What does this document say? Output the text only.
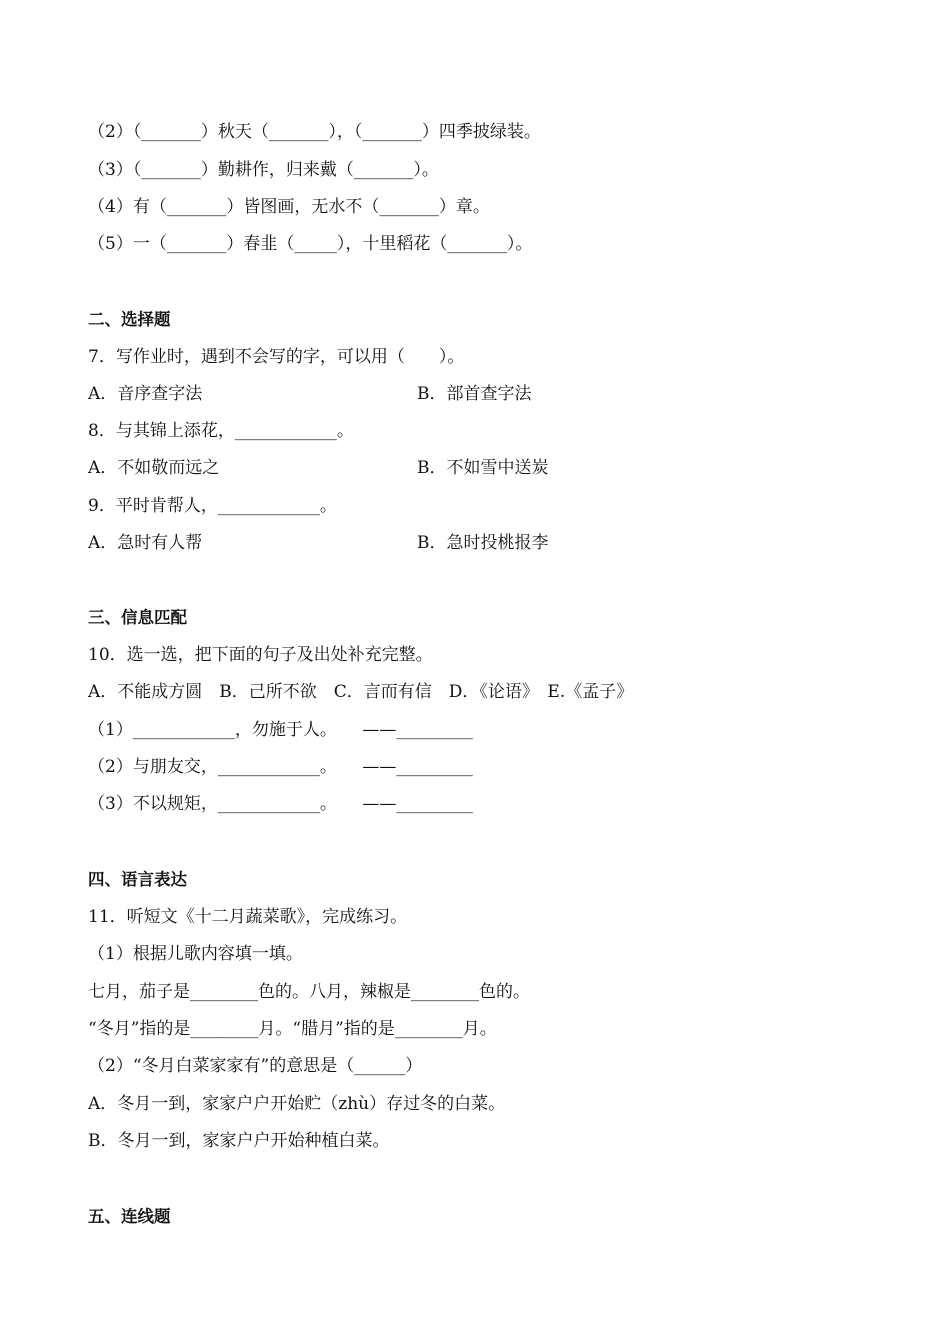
（2）（_______）秋天（_______），（_______）四季披绿装。
（3）（_______）勤耕作，归来戴（_______）。
（4）有（_______）皆图画，无水不（_______）章。
（5）一（_______）春韭（_____），十里稻花（_______）。
二、选择题
7．写作业时，遇到不会写的字，可以用（　　）。
A．音序查字法	B．部首查字法
8．与其锦上添花，____________。
A．不如敬而远之	B．不如雪中送炭
9．平时肯帮人，____________。
A．急时有人帮	B．急时投桃报李
三、信息匹配
10．选一选，把下面的句子及出处补充完整。
A．不能成方圆　B．己所不欲　C．言而有信　D．《论语》　E.《孟子》
（1）____________，勿施于人。　　——_________
（2）与朋友交，____________。　　——_________
（3）不以规矩，____________。　　——_________
四、语言表达
11．听短文《十二月蔬菜歌》，完成练习。
（1）根据儿歌内容填一填。
七月，茄子是________色的。八月，辣椒是________色的。
“冬月”指的是________月。“腊月”指的是________月。
（2）“冬月白菜家家有”的意思是（______）
A．冬月一到，家家户户开始贮（zhù）存过冬的白菜。
B．冬月一到，家家户户开始种植白菜。
五、连线题
